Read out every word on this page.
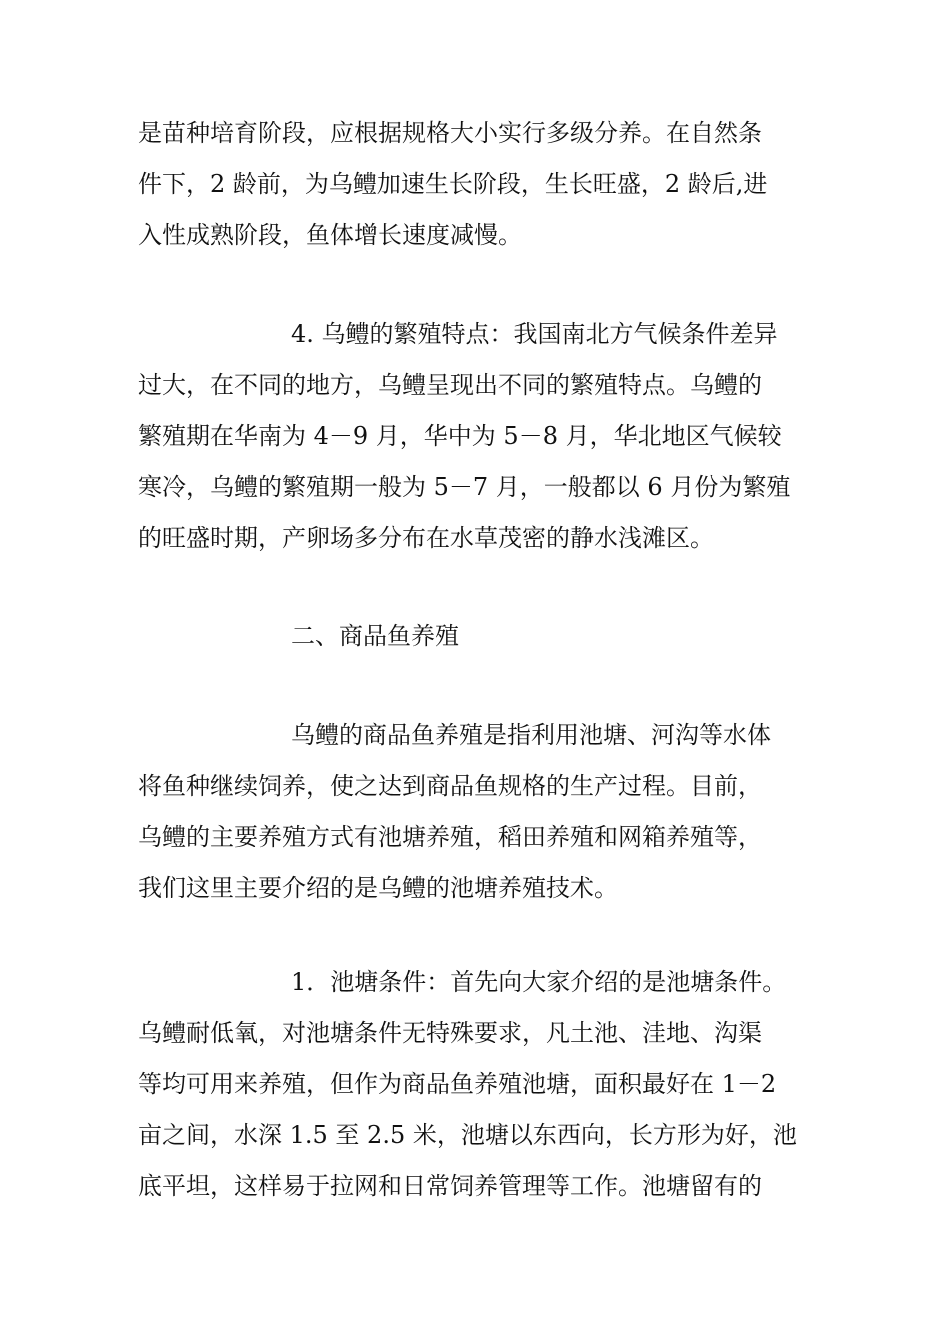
是苗种培育阶段，应根据规格大小实行多级分养。在自然条
件下，2 龄前，为乌鳢加速生长阶段，生长旺盛，2 龄后,进
入性成熟阶段，鱼体增长速度减慢。
4. 乌鳢的繁殖特点：我国南北方气候条件差异
过大，在不同的地方，乌鳢呈现出不同的繁殖特点。乌鳢的
繁殖期在华南为 4－9 月，华中为 5－8 月，华北地区气候较
寒冷，乌鳢的繁殖期一般为 5－7 月，一般都以 6 月份为繁殖
的旺盛时期，产卵场多分布在水草茂密的静水浅滩区。
二、商品鱼养殖
乌鳢的商品鱼养殖是指利用池塘、河沟等水体
将鱼种继续饲养，使之达到商品鱼规格的生产过程。目前，
乌鳢的主要养殖方式有池塘养殖，稻田养殖和网箱养殖等，
我们这里主要介绍的是乌鳢的池塘养殖技术。
1．池塘条件：首先向大家介绍的是池塘条件。
乌鳢耐低氧，对池塘条件无特殊要求，凡土池、洼地、沟渠
等均可用来养殖，但作为商品鱼养殖池塘，面积最好在 1－2
亩之间，水深 1.5 至 2.5 米，池塘以东西向，长方形为好，池
底平坦，这样易于拉网和日常饲养管理等工作。池塘留有的
